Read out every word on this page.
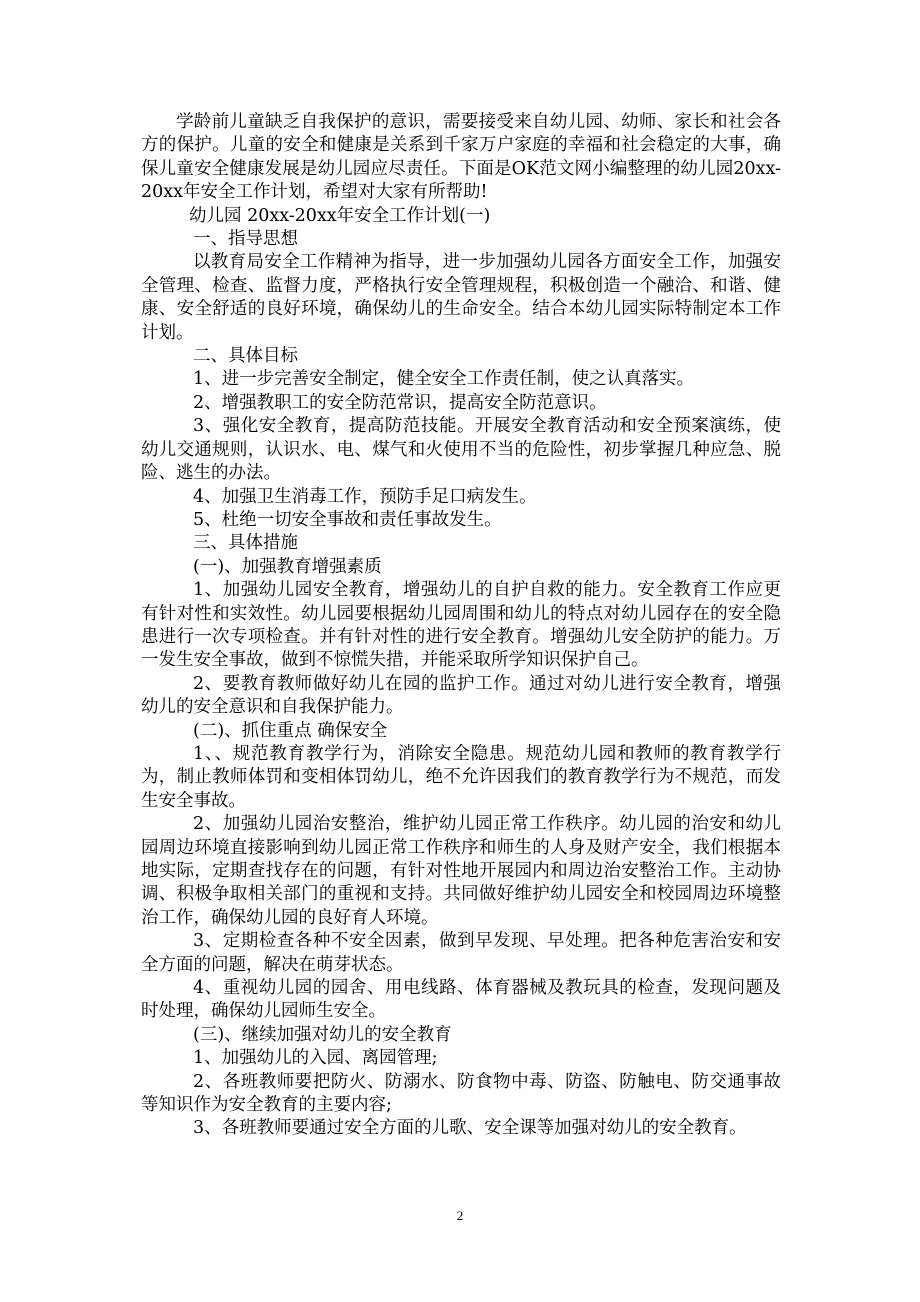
学龄前儿童缺乏自我保护的意识，需要接受来自幼儿园、幼师、家长和社会各方的保护。儿童的安全和健康是关系到千家万户家庭的幸福和社会稳定的大事，确保儿童安全健康发展是幼儿园应尽责任。下面是OK范文网小编整理的幼儿园20xx-20xx年安全工作计划，希望对大家有所帮助!

幼儿园 20xx-20xx年安全工作计划(一)

一、指导思想

以教育局安全工作精神为指导，进一步加强幼儿园各方面安全工作，加强安全管理、检查、监督力度，严格执行安全管理规程，积极创造一个融洽、和谐、健康、安全舒适的良好环境，确保幼儿的生命安全。结合本幼儿园实际特制定本工作计划。

二、具体目标

1、进一步完善安全制定，健全安全工作责任制，使之认真落实。

2、增强教职工的安全防范常识，提高安全防范意识。

3、强化安全教育，提高防范技能。开展安全教育活动和安全预案演练，使幼儿交通规则，认识水、电、煤气和火使用不当的危险性，初步掌握几种应急、脱险、逃生的办法。

4、加强卫生消毒工作，预防手足口病发生。

5、杜绝一切安全事故和责任事故发生。

三、具体措施

(一)、加强教育增强素质

1、加强幼儿园安全教育，增强幼儿的自护自救的能力。安全教育工作应更有针对性和实效性。幼儿园要根据幼儿园周围和幼儿的特点对幼儿园存在的安全隐患进行一次专项检查。并有针对性的进行安全教育。增强幼儿安全防护的能力。万一发生安全事故，做到不惊慌失措，并能采取所学知识保护自己。

2、要教育教师做好幼儿在园的监护工作。通过对幼儿进行安全教育，增强幼儿的安全意识和自我保护能力。

(二)、抓住重点 确保安全

1、、规范教育教学行为，消除安全隐患。规范幼儿园和教师的教育教学行为，制止教师体罚和变相体罚幼儿，绝不允许因我们的教育教学行为不规范，而发生安全事故。

2、加强幼儿园治安整治，维护幼儿园正常工作秩序。幼儿园的治安和幼儿园周边环境直接影响到幼儿园正常工作秩序和师生的人身及财产安全，我们根据本地实际，定期查找存在的问题，有针对性地开展园内和周边治安整治工作。主动协调、积极争取相关部门的重视和支持。共同做好维护幼儿园安全和校园周边环境整治工作，确保幼儿园的良好育人环境。

3、定期检查各种不安全因素，做到早发现、早处理。把各种危害治安和安全方面的问题，解决在萌芽状态。

4、重视幼儿园的园舍、用电线路、体育器械及教玩具的检查，发现问题及时处理，确保幼儿园师生安全。

(三)、继续加强对幼儿的安全教育

1、加强幼儿的入园、离园管理;

2、各班教师要把防火、防溺水、防食物中毒、防盗、防触电、防交通事故等知识作为安全教育的主要内容;

3、各班教师要通过安全方面的儿歌、安全课等加强对幼儿的安全教育。

2
